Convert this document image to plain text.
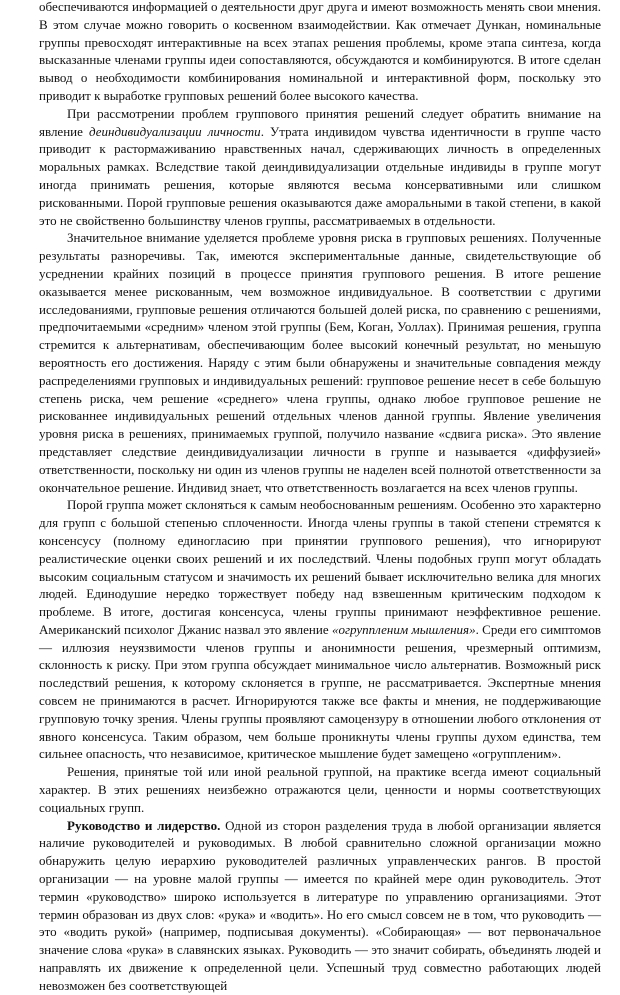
обеспечиваются информацией о деятельности друг друга и имеют возможность менять свои мнения. В этом случае можно говорить о косвенном взаимодействии. Как отмечает Дункан, номинальные группы превосходят интерактивные на всех этапах решения проблемы, кроме этапа синтеза, когда высказанные членами группы идеи сопоставляются, обсуждаются и комбинируются. В итоге сделан вывод о необходимости комбинирования номинальной и интерактивной форм, поскольку это приводит к выработке групповых решений более высокого качества.

При рассмотрении проблем группового принятия решений следует обратить внимание на явление деиндивидуализации личности. Утрата индивидом чувства идентичности в группе часто приводит к растормаживанию нравственных начал, сдерживающих личность в определенных моральных рамках. Вследствие такой деиндивидуализации отдельные индивиды в группе могут иногда принимать решения, которые являются весьма консервативными или слишком рискованными. Порой групповые решения оказываются даже аморальными в такой степени, в какой это не свойственно большинству членов группы, рассматриваемых в отдельности.

Значительное внимание уделяется проблеме уровня риска в групповых решениях. Полученные результаты разноречивы. Так, имеются экспериментальные данные, свидетельствующие об усреднении крайних позиций в процессе принятия группового решения. В итоге решение оказывается менее рискованным, чем возможное индивидуальное. В соответствии с другими исследованиями, групповые решения отличаются большей долей риска, по сравнению с решениями, предпочитаемыми «средним» членом этой группы (Бем, Коган, Уоллах). Принимая решения, группа стремится к альтернативам, обеспечивающим более высокий конечный результат, но меньшую вероятность его достижения. Наряду с этим были обнаружены и значительные совпадения между распределениями групповых и индивидуальных решений: групповое решение несет в себе большую степень риска, чем решение «среднего» члена группы, однако любое групповое решение не рискованнее индивидуальных решений отдельных членов данной группы. Явление увеличения уровня риска в решениях, принимаемых группой, получило название «сдвига риска». Это явление представляет следствие деиндивидуализации личности в группе и называется «диффузией» ответственности, поскольку ни один из членов группы не наделен всей полнотой ответственности за окончательное решение. Индивид знает, что ответственность возлагается на всех членов группы.

Порой группа может склоняться к самым необоснованным решениям. Особенно это характерно для групп с большой степенью сплоченности. Иногда члены группы в такой степени стремятся к консенсусу (полному единогласию при принятии группового решения), что игнорируют реалистические оценки своих решений и их последствий. Члены подобных групп могут обладать высоким социальным статусом и значимость их решений бывает исключительно велика для многих людей. Единодушие нередко торжествует победу над взвешенным критическим подходом к проблеме. В итоге, достигая консенсуса, члены группы принимают неэффективное решение. Американский психолог Джанис назвал это явление «огруппленим мышления». Среди его симптомов — иллюзия неуязвимости членов группы и анонимности решения, чрезмерный оптимизм, склонность к риску. При этом группа обсуждает минимальное число альтернатив. Возможный риск последствий решения, к которому склоняется в группе, не рассматривается. Экспертные мнения совсем не принимаются в расчет. Игнорируются также все факты и мнения, не поддерживающие групповую точку зрения. Члены группы проявляют самоцензуру в отношении любого отклонения от явного консенсуса. Таким образом, чем больше проникнуты члены группы духом единства, тем сильнее опасность, что независимое, критическое мышление будет замещено «огруппленим».

Решения, принятые той или иной реальной группой, на практике всегда имеют социальный характер. В этих решениях неизбежно отражаются цели, ценности и нормы соответствующих социальных групп.

Руководство и лидерство. Одной из сторон разделения труда в любой организации является наличие руководителей и руководимых. В любой сравнительно сложной организации можно обнаружить целую иерархию руководителей различных управленческих рангов. В простой организации — на уровне малой группы — имеется по крайней мере один руководитель. Этот термин «руководство» широко используется в литературе по управлению организациями. Этот термин образован из двух слов: «рука» и «водить». Но его смысл совсем не в том, что руководить — это «водить рукой» (например, подписывая документы). «Собирающая» — вот первоначальное значение слова «рука» в славянских языках. Руководить — это значит собирать, объединять людей и направлять их движение к определенной цели. Успешный труд совместно работающих людей невозможен без соответствующей
